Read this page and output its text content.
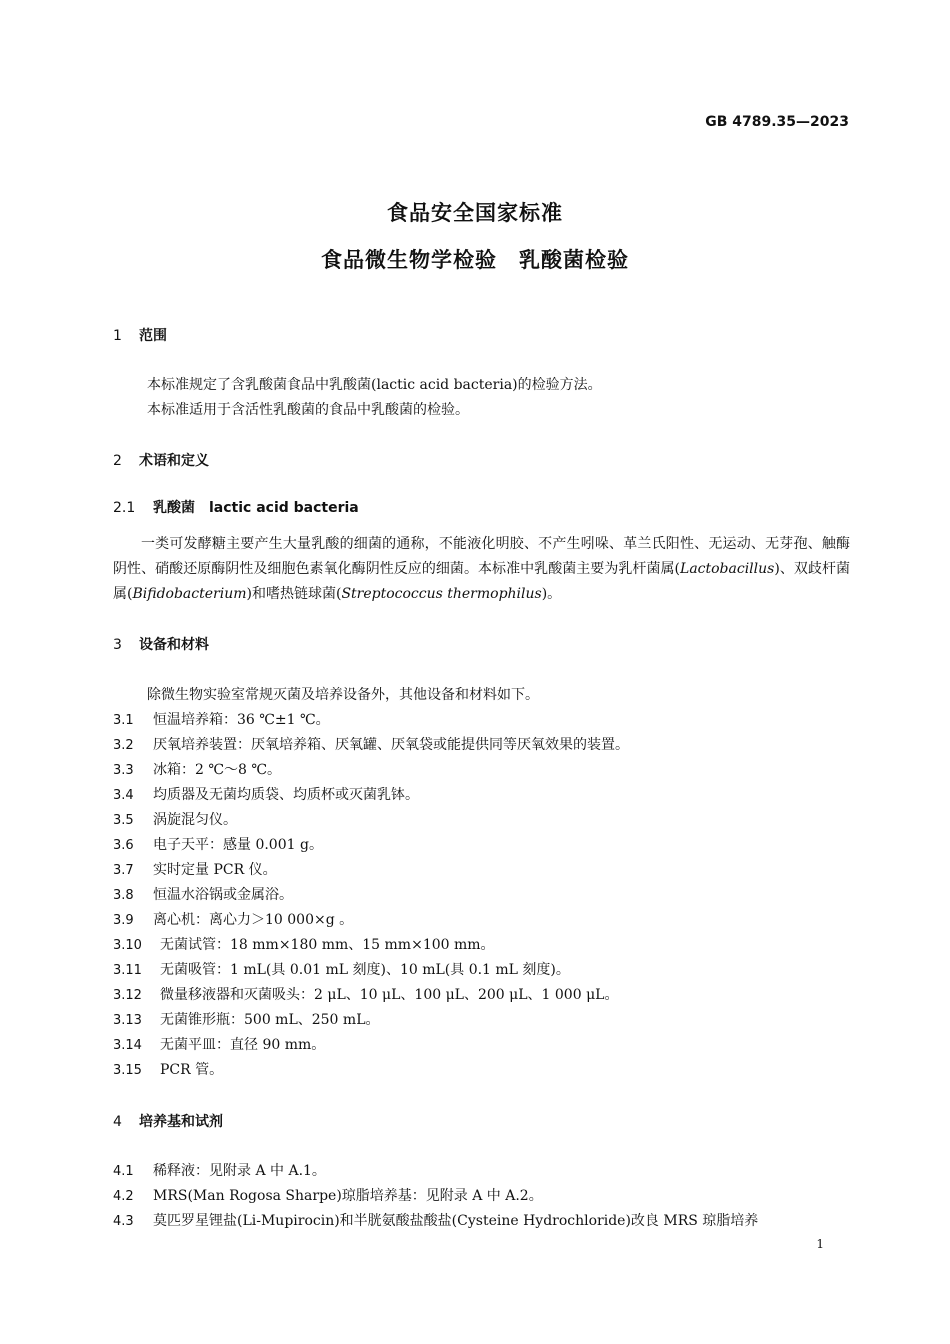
GB 4789.35—2023
食品安全国家标准
食品微生物学检验　乳酸菌检验
1 范围
本标准规定了含乳酸菌食品中乳酸菌(lactic acid bacteria)的检验方法。
本标准适用于含活性乳酸菌的食品中乳酸菌的检验。
2 术语和定义
2.1 乳酸菌　lactic acid bacteria
一类可发酵糖主要产生大量乳酸的细菌的通称，不能液化明胶、不产生吲哚、革兰氏阳性、无运动、无芽孢、触酶阴性、硝酸还原酶阴性及细胞色素氧化酶阴性反应的细菌。本标准中乳酸菌主要为乳杆菌属(Lactobacillus)、双歧杆菌属(Bifidobacterium)和嗜热链球菌(Streptococcus thermophilus)。
3 设备和材料
除微生物实验室常规灭菌及培养设备外，其他设备和材料如下。
3.1 恒温培养箱：36 ℃±1 ℃。
3.2 厌氧培养装置：厌氧培养箱、厌氧罐、厌氧袋或能提供同等厌氧效果的装置。
3.3 冰箱：2 ℃～8 ℃。
3.4 均质器及无菌均质袋、均质杯或灭菌乳钵。
3.5 涡旋混匀仪。
3.6 电子天平：感量 0.001 g。
3.7 实时定量 PCR 仪。
3.8 恒温水浴锅或金属浴。
3.9 离心机：离心力＞10 000×g 。
3.10 无菌试管：18 mm×180 mm、15 mm×100 mm。
3.11 无菌吸管：1 mL(具 0.01 mL 刻度)、10 mL(具 0.1 mL 刻度)。
3.12 微量移液器和灭菌吸头：2 μL、10 μL、100 μL、200 μL、1 000 μL。
3.13 无菌锥形瓶：500 mL、250 mL。
3.14 无菌平皿：直径 90 mm。
3.15 PCR 管。
4 培养基和试剂
4.1 稀释液：见附录 A 中 A.1。
4.2 MRS(Man Rogosa Sharpe)琼脂培养基：见附录 A 中 A.2。
4.3 莫匹罗星锂盐(Li-Mupirocin)和半胱氨酸盐酸盐(Cysteine Hydrochloride)改良 MRS 琼脂培养
1
